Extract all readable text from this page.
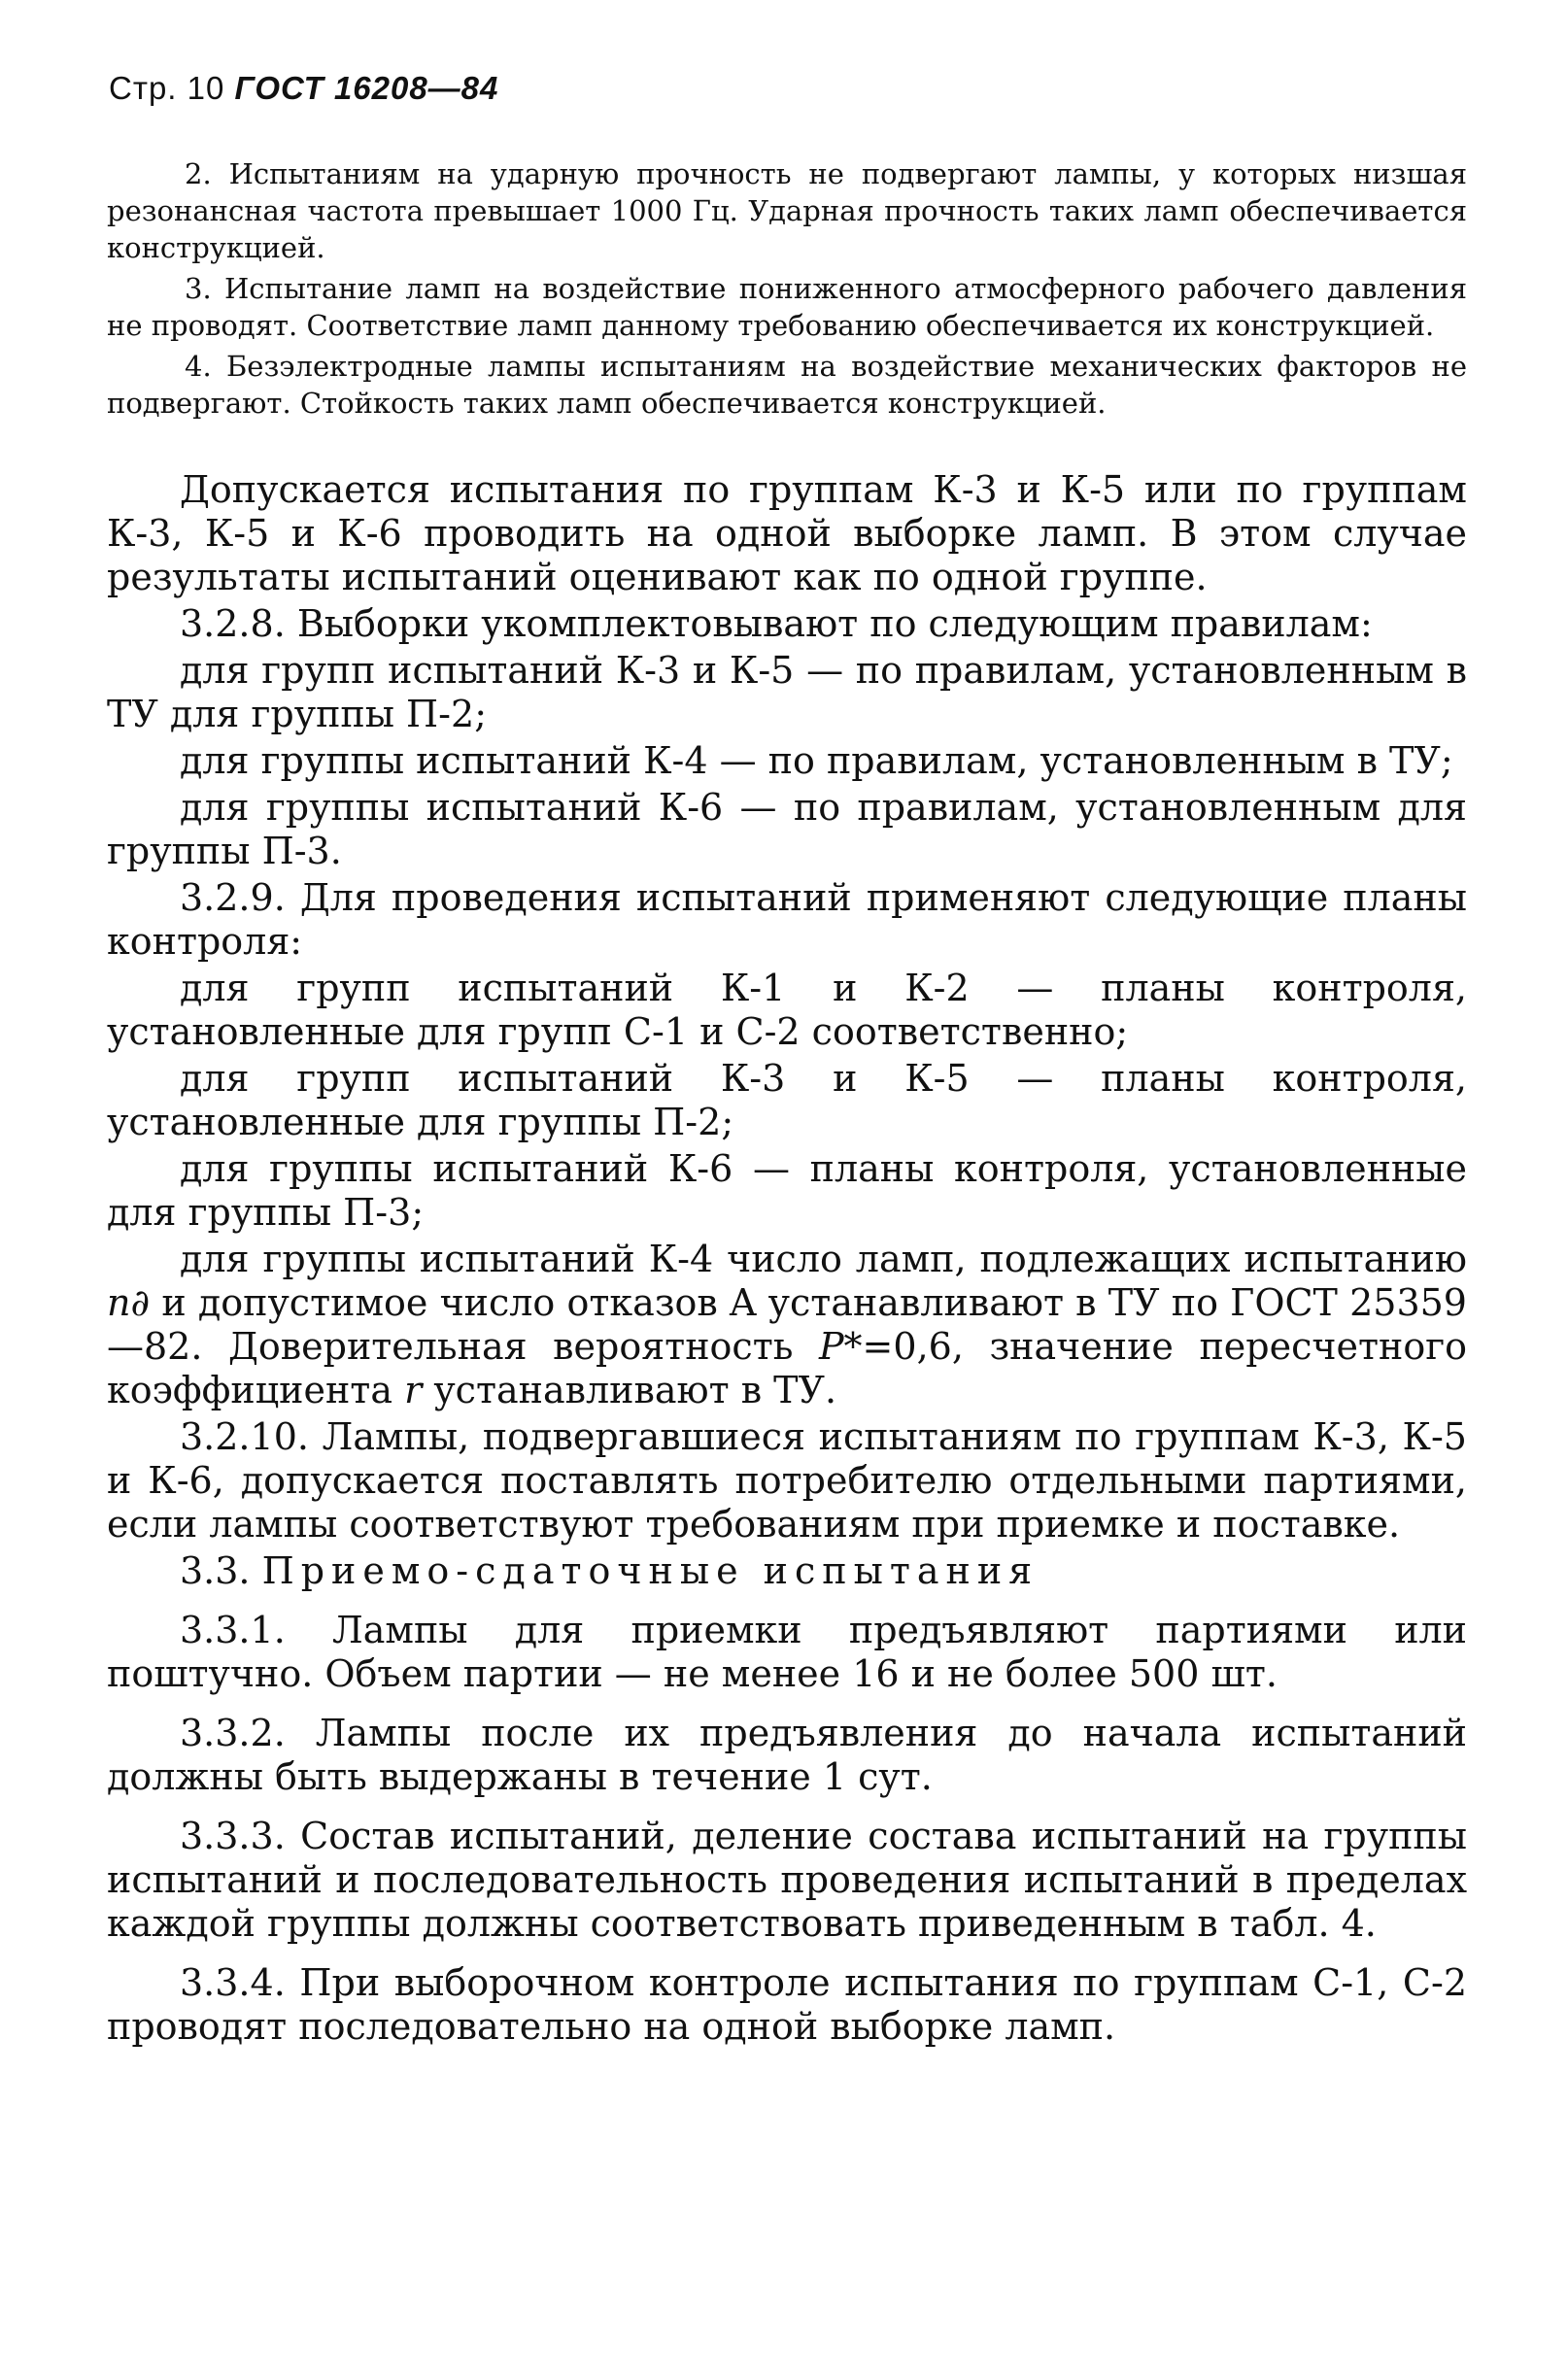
Стр. 10 ГОСТ 16208—84

2. Испытаниям на ударную прочность не подвергают лампы, у которых низшая резонансная частота превышает 1000 Гц. Ударная прочность таких ламп обеспечивается конструкцией.

3. Испытание ламп на воздействие пониженного атмосферного рабочего давления не проводят. Соответствие ламп данному требованию обеспечивается их конструкцией.

4. Безэлектродные лампы испытаниям на воздействие механических факторов не подвергают. Стойкость таких ламп обеспечивается конструкцией.

Допускается испытания по группам К-3 и К-5 или по группам К-3, К-5 и К-6 проводить на одной выборке ламп. В этом случае результаты испытаний оценивают как по одной группе.

3.2.8. Выборки укомплектовывают по следующим правилам:

для групп испытаний К-3 и К-5 — по правилам, установленным в ТУ для группы П-2;

для группы испытаний К-4 — по правилам, установленным в ТУ;

для группы испытаний К-6 — по правилам, установленным для группы П-3.

3.2.9. Для проведения испытаний применяют следующие планы контроля:

для групп испытаний К-1 и К-2 — планы контроля, установленные для групп С-1 и С-2 соответственно;

для групп испытаний К-3 и К-5 — планы контроля, установленные для группы П-2;

для группы испытаний К-6 — планы контроля, установленные для группы П-3;

для группы испытаний К-4 число ламп, подлежащих испытанию n∂ и допустимое число отказов A устанавливают в ТУ по ГОСТ 25359—82. Доверительная вероятность P*=0,6, значение пересчетного коэффициента r устанавливают в ТУ.

3.2.10. Лампы, подвергавшиеся испытаниям по группам К-3, К-5 и К-6, допускается поставлять потребителю отдельными партиями, если лампы соответствуют требованиям при приемке и поставке.

3.3. Приемо-сдаточные испытания

3.3.1. Лампы для приемки предъявляют партиями или поштучно. Объем партии — не менее 16 и не более 500 шт.

3.3.2. Лампы после их предъявления до начала испытаний должны быть выдержаны в течение 1 сут.

3.3.3. Состав испытаний, деление состава испытаний на группы испытаний и последовательность проведения испытаний в пределах каждой группы должны соответствовать приведенным в табл. 4.

3.3.4. При выборочном контроле испытания по группам С-1, С-2 проводят последовательно на одной выборке ламп.
